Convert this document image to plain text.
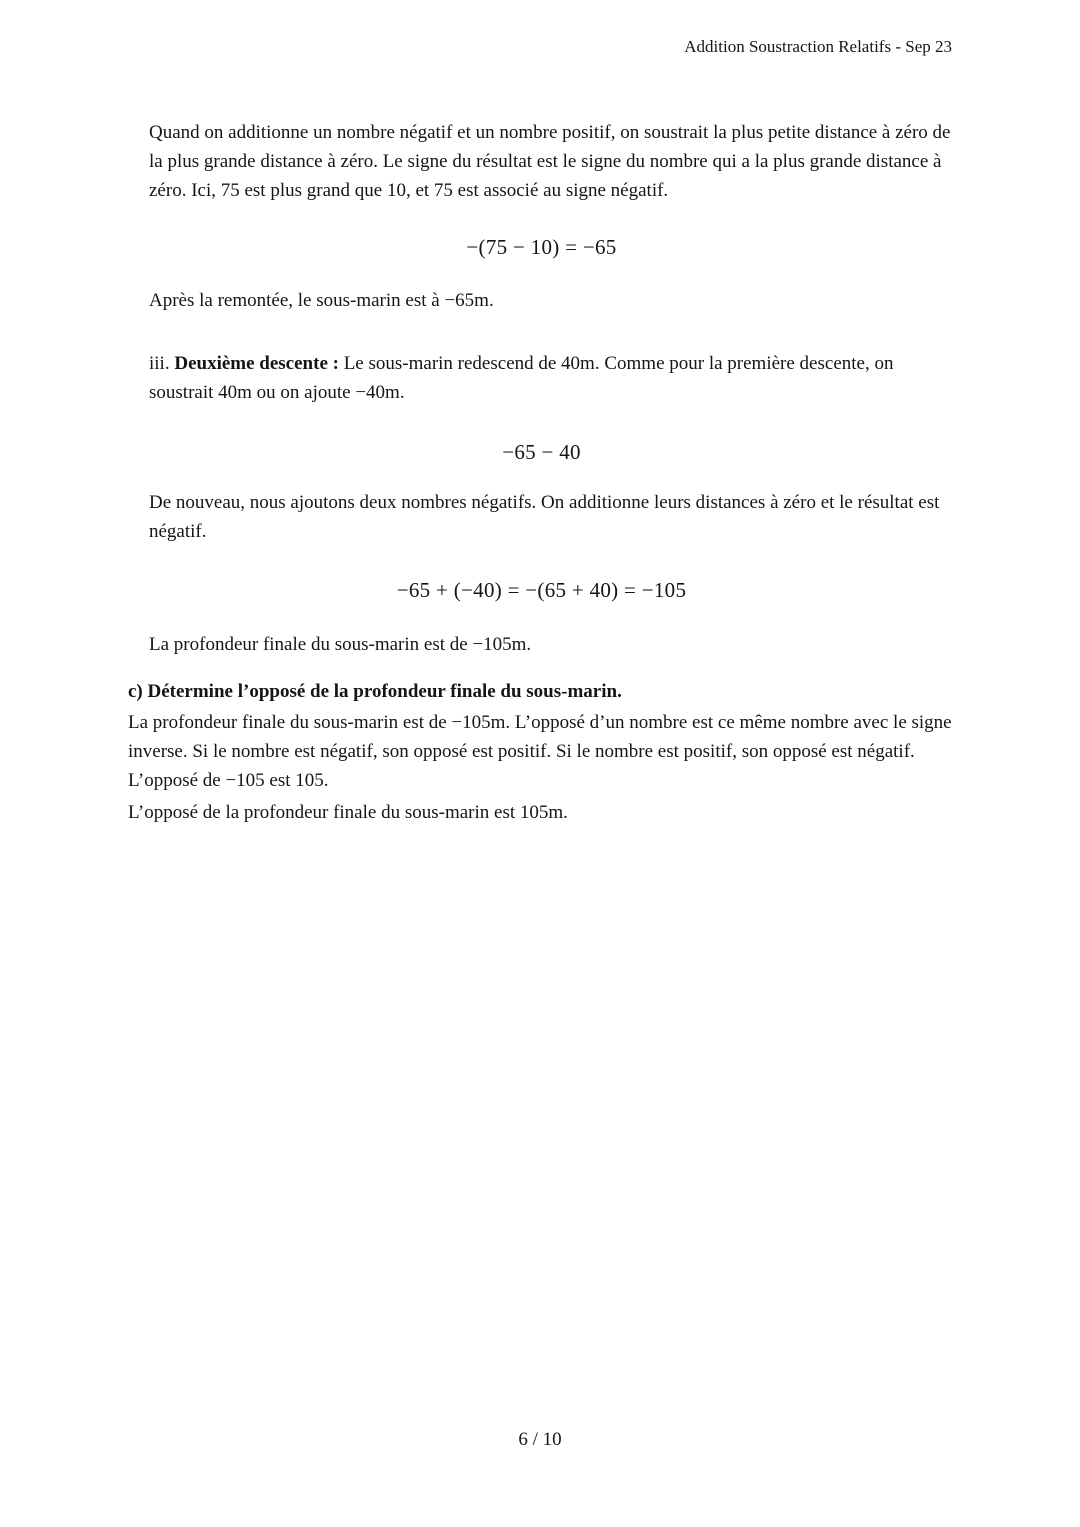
Addition Soustraction Relatifs - Sep 23
Quand on additionne un nombre négatif et un nombre positif, on soustrait la plus petite distance à zéro de la plus grande distance à zéro. Le signe du résultat est le signe du nombre qui a la plus grande distance à zéro. Ici, 75 est plus grand que 10, et 75 est associé au signe négatif.
−(75 − 10) = −65
Après la remontée, le sous-marin est à −65m.
iii. Deuxième descente : Le sous-marin redescend de 40m. Comme pour la première descente, on soustrait 40m ou on ajoute −40m.
−65 − 40
De nouveau, nous ajoutons deux nombres négatifs. On additionne leurs distances à zéro et le résultat est négatif.
−65 + (−40) = −(65 + 40) = −105
La profondeur finale du sous-marin est de −105m.
c) Détermine l’opposé de la profondeur finale du sous-marin.
La profondeur finale du sous-marin est de −105m. L’opposé d’un nombre est ce même nombre avec le signe inverse. Si le nombre est négatif, son opposé est positif. Si le nombre est positif, son opposé est négatif. L’opposé de −105 est 105.
L’opposé de la profondeur finale du sous-marin est 105m.
6 / 10
